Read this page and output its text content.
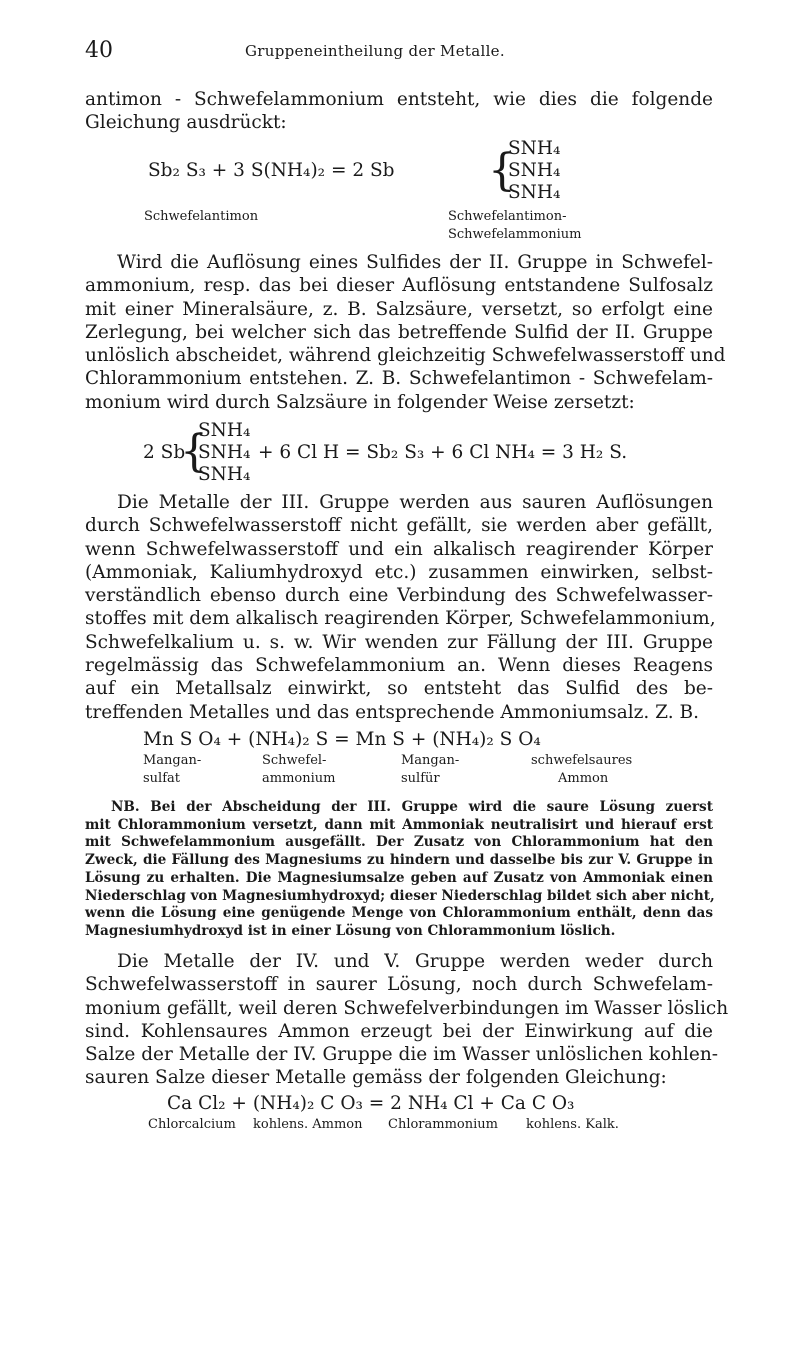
40	Gruppeneintheilung der Metalle.
antimon - Schwefelammonium entsteht, wie dies die folgende
Gleichung ausdrückt:
Sb₂ S₃ + 3 S(NH₄)₂ = 2 Sb {
SNH₄
SNH₄
SNH₄
Schwefelantimon	Schwefelantimon-
Schwefelammonium
Wird die Auflösung eines Sulfides der II. Gruppe in Schwefel-
ammonium, resp. das bei dieser Auflösung entstandene Sulfosalz
mit einer Mineralsäure, z. B. Salzsäure, versetzt, so erfolgt eine
Zerlegung, bei welcher sich das betreffende Sulfid der II. Gruppe
unlöslich abscheidet, während gleichzeitig Schwefelwasserstoff und
Chlorammonium entstehen. Z. B. Schwefelantimon - Schwefelam-
monium wird durch Salzsäure in folgender Weise zersetzt:
2 Sb
{
SNH₄
SNH₄
SNH₄
+ 6 Cl H = Sb₂ S₃ + 6 Cl NH₄ = 3 H₂ S.
Die Metalle der III. Gruppe werden aus sauren Auflösungen
durch Schwefelwasserstoff nicht gefällt, sie werden aber gefällt,
wenn Schwefelwasserstoff und ein alkalisch reagirender Körper
(Ammoniak, Kaliumhydroxyd etc.) zusammen einwirken, selbst-
verständlich ebenso durch eine Verbindung des Schwefelwasser-
stoffes mit dem alkalisch reagirenden Körper, Schwefelammonium,
Schwefelkalium u. s. w. Wir wenden zur Fällung der III. Gruppe
regelmässig das Schwefelammonium an. Wenn dieses Reagens
auf ein Metallsalz einwirkt, so entsteht das Sulfid des be-
treffenden Metalles und das entsprechende Ammoniumsalz. Z. B.
Mn S O₄ + (NH₄)₂ S = Mn S + (NH₄)₂ S O₄
Mangan-
sulfat
Schwefel-
ammonium
Mangan-
sulfür
schwefelsaures
Ammon
NB. Bei der Abscheidung der III. Gruppe wird die saure Lösung zuerst
mit Chlorammonium versetzt, dann mit Ammoniak neutralisirt und hierauf erst
mit Schwefelammonium ausgefällt. Der Zusatz von Chlorammonium hat den
Zweck, die Fällung des Magnesiums zu hindern und dasselbe bis zur V. Gruppe in
Lösung zu erhalten. Die Magnesiumsalze geben auf Zusatz von Ammoniak einen
Niederschlag von Magnesiumhydroxyd; dieser Niederschlag bildet sich aber nicht,
wenn die Lösung eine genügende Menge von Chlorammonium enthält, denn das
Magnesiumhydroxyd ist in einer Lösung von Chlorammonium löslich.
Die Metalle der IV. und V. Gruppe werden weder durch
Schwefelwasserstoff in saurer Lösung, noch durch Schwefelam-
monium gefällt, weil deren Schwefelverbindungen im Wasser löslich
sind. Kohlensaures Ammon erzeugt bei der Einwirkung auf die
Salze der Metalle der IV. Gruppe die im Wasser unlöslichen kohlen-
sauren Salze dieser Metalle gemäss der folgenden Gleichung:
Ca Cl₂ + (NH₄)₂ C O₃ = 2 NH₄ Cl + Ca C O₃
Chlorcalcium kohlens. Ammon Chlorammonium kohlens. Kalk.
